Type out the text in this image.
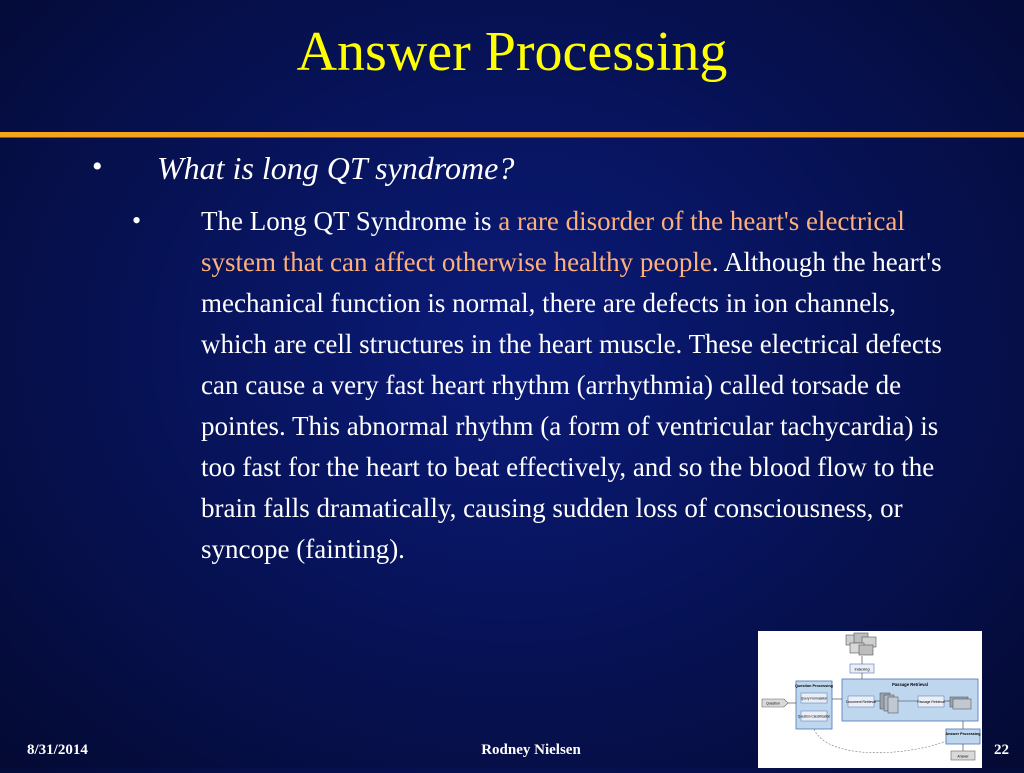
Answer Processing
• What is long QT syndrome?
• The Long QT Syndrome is a rare disorder of the heart's electrical system that can affect otherwise healthy people. Although the heart's mechanical function is normal, there are defects in ion channels, which are cell structures in the heart muscle. These electrical defects can cause a very fast heart rhythm (arrhythmia) called torsade de pointes. This abnormal rhythm (a form of ventricular tachycardia) is too fast for the heart to beat effectively, and so the blood flow to the brain falls dramatically, causing sudden loss of consciousness, or syncope (fainting).
Indexing
Passage Retrieval
Document Retrieval	Passage Retrieval
Question Processing
Query Formulation
Question Classification
Question
Answer Processing
Answer
8/31/2014	Rodney Nielsen	22
